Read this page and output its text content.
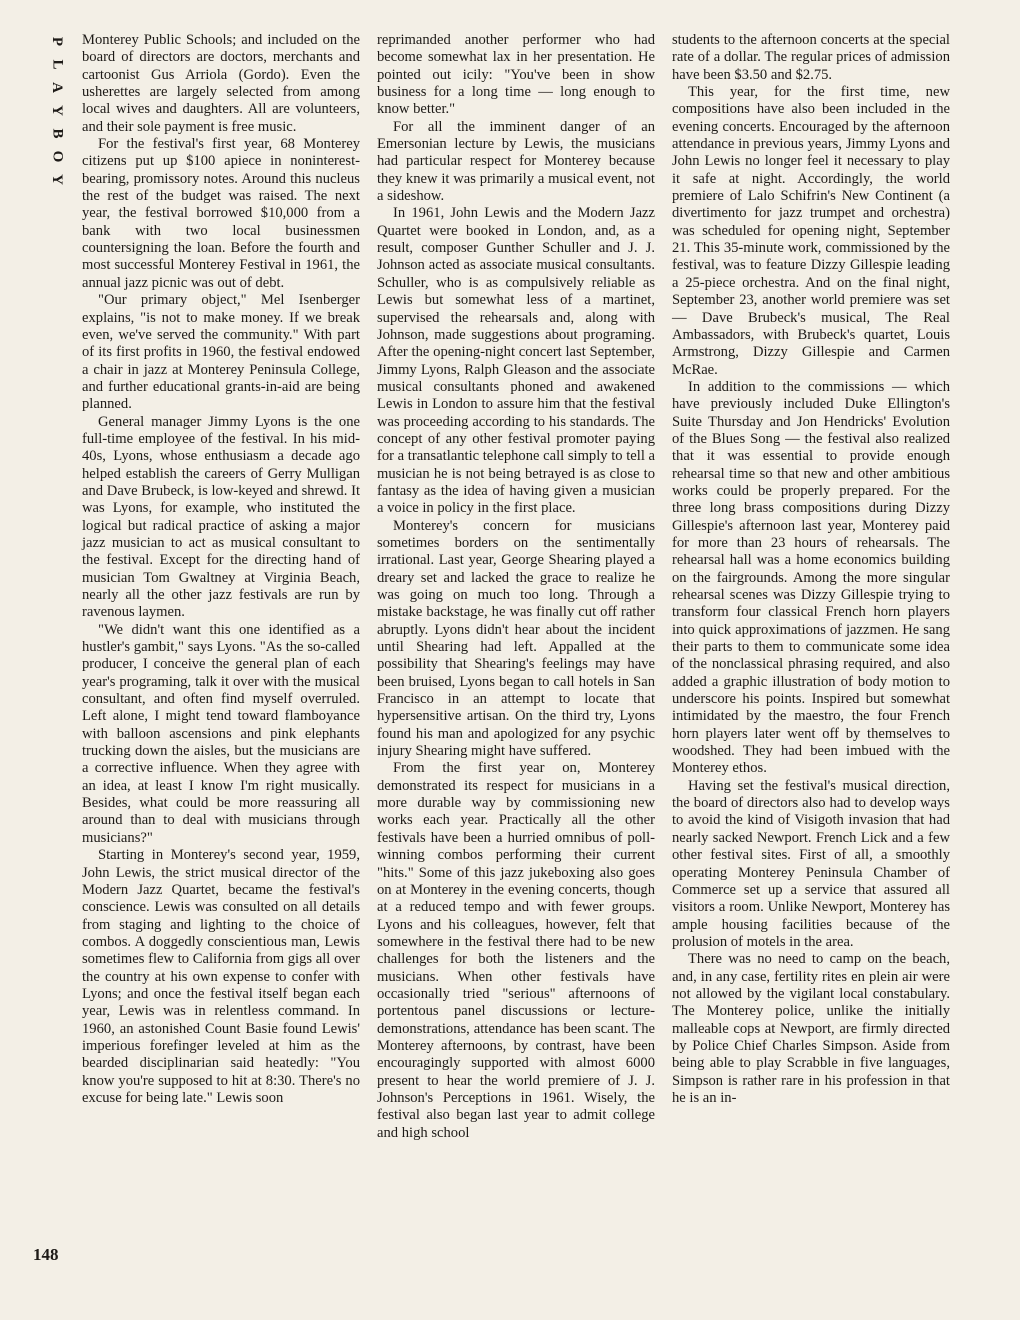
P
L
A
Y
B
O
Y

Monterey Public Schools; and included on the board of directors are doctors, merchants and cartoonist Gus Arriola (Gordo). Even the usherettes are largely selected from among local wives and daughters. All are volunteers, and their sole payment is free music.

For the festival's first year, 68 Monterey citizens put up $100 apiece in noninterest-bearing, promissory notes. Around this nucleus the rest of the budget was raised. The next year, the festival borrowed $10,000 from a bank with two local businessmen countersigning the loan. Before the fourth and most successful Monterey Festival in 1961, the annual jazz picnic was out of debt.

"Our primary object," Mel Isenberger explains, "is not to make money. If we break even, we've served the community." With part of its first profits in 1960, the festival endowed a chair in jazz at Monterey Peninsula College, and further educational grants-in-aid are being planned.

General manager Jimmy Lyons is the one full-time employee of the festival. In his mid-40s, Lyons, whose enthusiasm a decade ago helped establish the careers of Gerry Mulligan and Dave Brubeck, is low-keyed and shrewd. It was Lyons, for example, who instituted the logical but radical practice of asking a major jazz musician to act as musical consultant to the festival. Except for the directing hand of musician Tom Gwaltney at Virginia Beach, nearly all the other jazz festivals are run by ravenous laymen.

"We didn't want this one identified as a hustler's gambit," says Lyons. "As the so-called producer, I conceive the general plan of each year's programing, talk it over with the musical consultant, and often find myself overruled. Left alone, I might tend toward flamboyance with balloon ascensions and pink elephants trucking down the aisles, but the musicians are a corrective influence. When they agree with an idea, at least I know I'm right musically. Besides, what could be more reassuring all around than to deal with musicians through musicians?"

Starting in Monterey's second year, 1959, John Lewis, the strict musical director of the Modern Jazz Quartet, became the festival's conscience. Lewis was consulted on all details from staging and lighting to the choice of combos. A doggedly conscientious man, Lewis sometimes flew to California from gigs all over the country at his own expense to confer with Lyons; and once the festival itself began each year, Lewis was in relentless command. In 1960, an astonished Count Basie found Lewis' imperious forefinger leveled at him as the bearded disciplinarian said heatedly: "You know you're supposed to hit at 8:30. There's no excuse for being late." Lewis soon

reprimanded another performer who had become somewhat lax in her presentation. He pointed out icily: "You've been in show business for a long time — long enough to know better."

For all the imminent danger of an Emersonian lecture by Lewis, the musicians had particular respect for Monterey because they knew it was primarily a musical event, not a sideshow.

In 1961, John Lewis and the Modern Jazz Quartet were booked in London, and, as a result, composer Gunther Schuller and J. J. Johnson acted as associate musical consultants. Schuller, who is as compulsively reliable as Lewis but somewhat less of a martinet, supervised the rehearsals and, along with Johnson, made suggestions about programing. After the opening-night concert last September, Jimmy Lyons, Ralph Gleason and the associate musical consultants phoned and awakened Lewis in London to assure him that the festival was proceeding according to his standards. The concept of any other festival promoter paying for a transatlantic telephone call simply to tell a musician he is not being betrayed is as close to fantasy as the idea of having given a musician a voice in policy in the first place.

Monterey's concern for musicians sometimes borders on the sentimentally irrational. Last year, George Shearing played a dreary set and lacked the grace to realize he was going on much too long. Through a mistake backstage, he was finally cut off rather abruptly. Lyons didn't hear about the incident until Shearing had left. Appalled at the possibility that Shearing's feelings may have been bruised, Lyons began to call hotels in San Francisco in an attempt to locate that hypersensitive artisan. On the third try, Lyons found his man and apologized for any psychic injury Shearing might have suffered.

From the first year on, Monterey demonstrated its respect for musicians in a more durable way by commissioning new works each year. Practically all the other festivals have been a hurried omnibus of poll-winning combos performing their current "hits." Some of this jazz jukeboxing also goes on at Monterey in the evening concerts, though at a reduced tempo and with fewer groups. Lyons and his colleagues, however, felt that somewhere in the festival there had to be new challenges for both the listeners and the musicians. When other festivals have occasionally tried "serious" afternoons of portentous panel discussions or lecture-demonstrations, attendance has been scant. The Monterey afternoons, by contrast, have been encouragingly supported with almost 6000 present to hear the world premiere of J. J. Johnson's Perceptions in 1961. Wisely, the festival also began last year to admit college and high school

students to the afternoon concerts at the special rate of a dollar. The regular prices of admission have been $3.50 and $2.75.

This year, for the first time, new compositions have also been included in the evening concerts. Encouraged by the afternoon attendance in previous years, Jimmy Lyons and John Lewis no longer feel it necessary to play it safe at night. Accordingly, the world premiere of Lalo Schifrin's New Continent (a divertimento for jazz trumpet and orchestra) was scheduled for opening night, September 21. This 35-minute work, commissioned by the festival, was to feature Dizzy Gillespie leading a 25-piece orchestra. And on the final night, September 23, another world premiere was set — Dave Brubeck's musical, The Real Ambassadors, with Brubeck's quartet, Louis Armstrong, Dizzy Gillespie and Carmen McRae.

In addition to the commissions — which have previously included Duke Ellington's Suite Thursday and Jon Hendricks' Evolution of the Blues Song — the festival also realized that it was essential to provide enough rehearsal time so that new and other ambitious works could be properly prepared. For the three long brass compositions during Dizzy Gillespie's afternoon last year, Monterey paid for more than 23 hours of rehearsals. The rehearsal hall was a home economics building on the fairgrounds. Among the more singular rehearsal scenes was Dizzy Gillespie trying to transform four classical French horn players into quick approximations of jazzmen. He sang their parts to them to communicate some idea of the nonclassical phrasing required, and also added a graphic illustration of body motion to underscore his points. Inspired but somewhat intimidated by the maestro, the four French horn players later went off by themselves to woodshed. They had been imbued with the Monterey ethos.

Having set the festival's musical direction, the board of directors also had to develop ways to avoid the kind of Visigoth invasion that had nearly sacked Newport. French Lick and a few other festival sites. First of all, a smoothly operating Monterey Peninsula Chamber of Commerce set up a service that assured all visitors a room. Unlike Newport, Monterey has ample housing facilities because of the prolusion of motels in the area.

There was no need to camp on the beach, and, in any case, fertility rites en plein air were not allowed by the vigilant local constabulary. The Monterey police, unlike the initially malleable cops at Newport, are firmly directed by Police Chief Charles Simpson. Aside from being able to play Scrabble in five languages, Simpson is rather rare in his profession in that he is an in-

148
